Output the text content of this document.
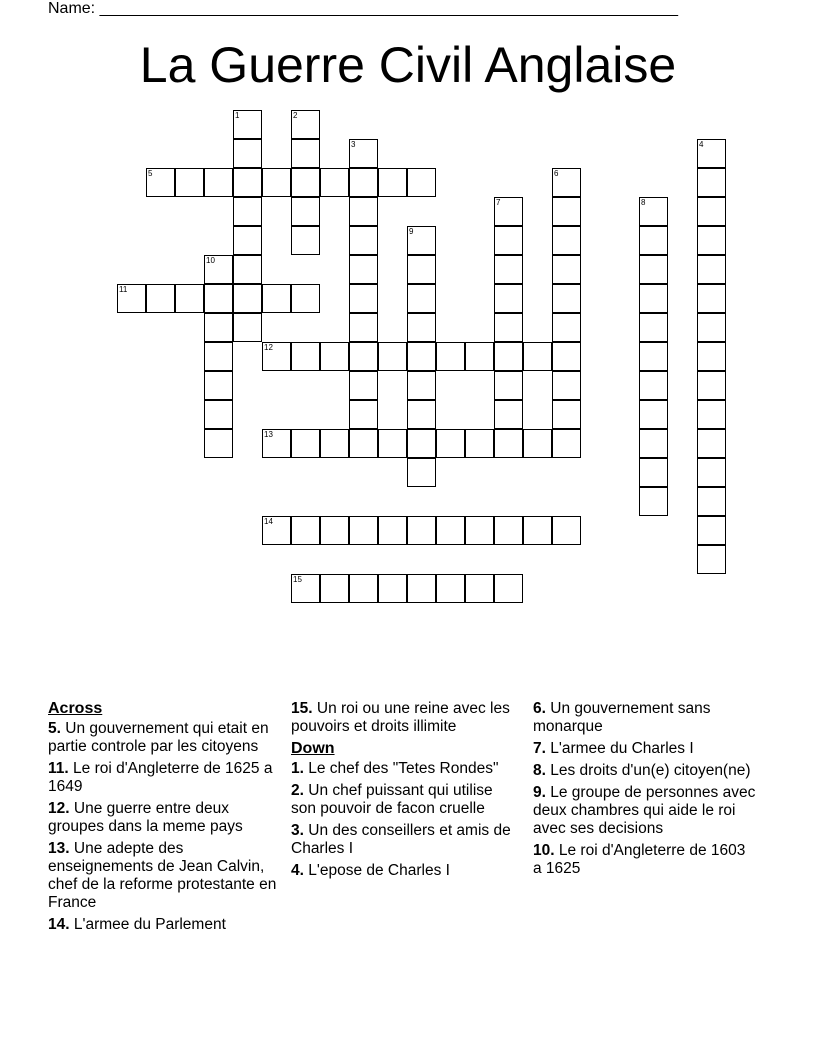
Name: _________________________________________________________________
La Guerre Civil Anglaise
1	2
3	4
5	6
7	8
9
10
11
12
13
14
15
Across
5. Un gouvernement qui etait en partie controle par les citoyens
11. Le roi d'Angleterre de 1625 a 1649
12. Une guerre entre deux groupes dans la meme pays
13. Une adepte des enseignements de Jean Calvin, chef de la reforme protestante en France
14. L'armee du Parlement
15. Un roi ou une reine avec les pouvoirs et droits illimite
Down
1. Le chef des "Tetes Rondes"
2. Un chef puissant qui utilise son pouvoir de facon cruelle
3. Un des conseillers et amis de Charles I
4. L'epose de Charles I
6. Un gouvernement sans monarque
7. L'armee du Charles I
8. Les droits d'un(e) citoyen(ne)
9. Le groupe de personnes avec deux chambres qui aide le roi avec ses decisions
10. Le roi d'Angleterre de 1603 a 1625
